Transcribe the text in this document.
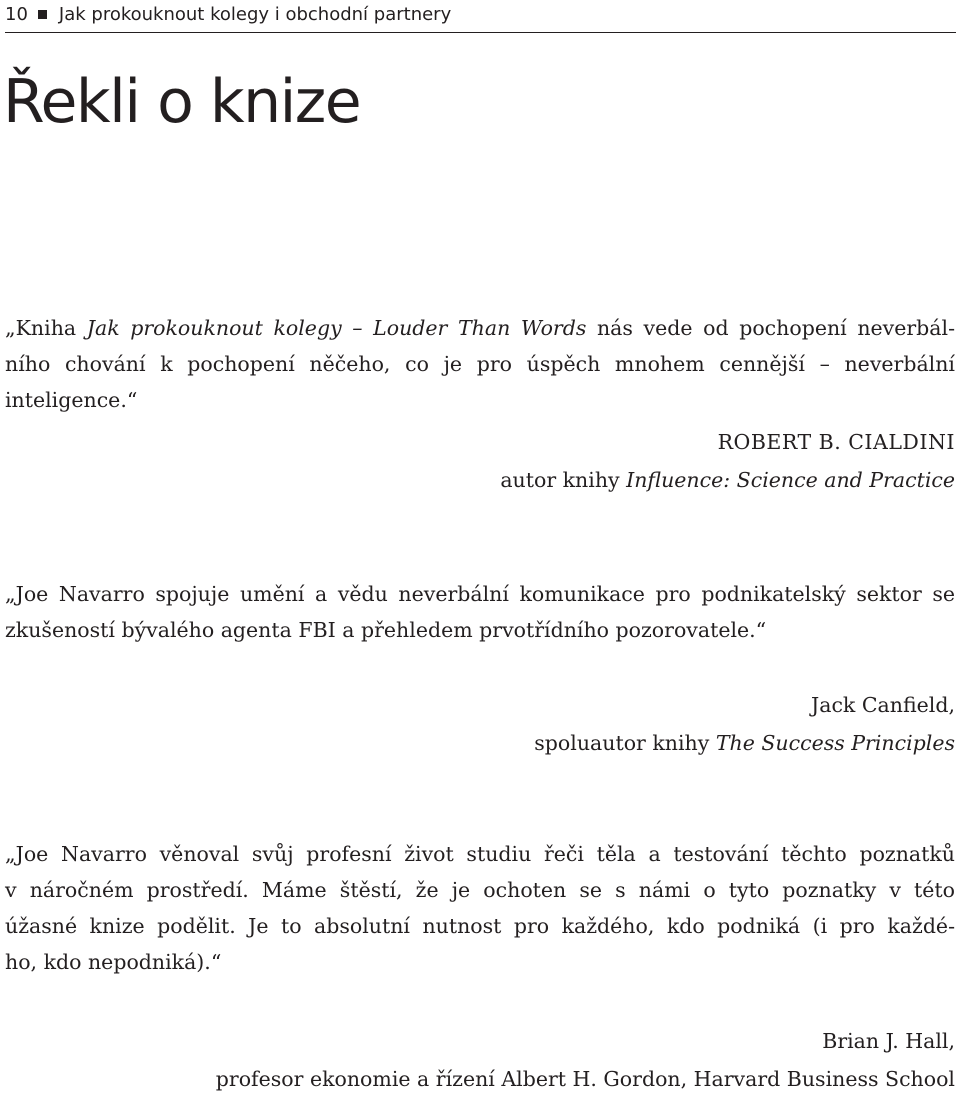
10 Jak prokouknout kolegy i obchodní partnery
Řekli o knize

„Kniha Jak prokouknout kolegy – Louder Than Words nás vede od pochopení neverbál-
ního chování k pochopení něčeho, co je pro úspěch mnohem cennější – neverbální
inteligence.“

ROBERT B. CIALDINI
autor knihy Influence: Science and Practice

„Joe Navarro spojuje umění a vědu neverbální komunikace pro podnikatelský sektor se
zkušeností bývalého agenta FBI a přehledem prvotřídního pozorovatele.“

Jack Canfield,
spoluautor knihy The Success Principles

„Joe Navarro věnoval svůj profesní život studiu řeči těla a testování těchto poznatků
v náročném prostředí. Máme štěstí, že je ochoten se s námi o tyto poznatky v této
úžasné knize podělit. Je to absolutní nutnost pro každého, kdo podniká (i pro každé-
ho, kdo nepodniká).“

Brian J. Hall,
profesor ekonomie a řízení Albert H. Gordon, Harvard Business School
